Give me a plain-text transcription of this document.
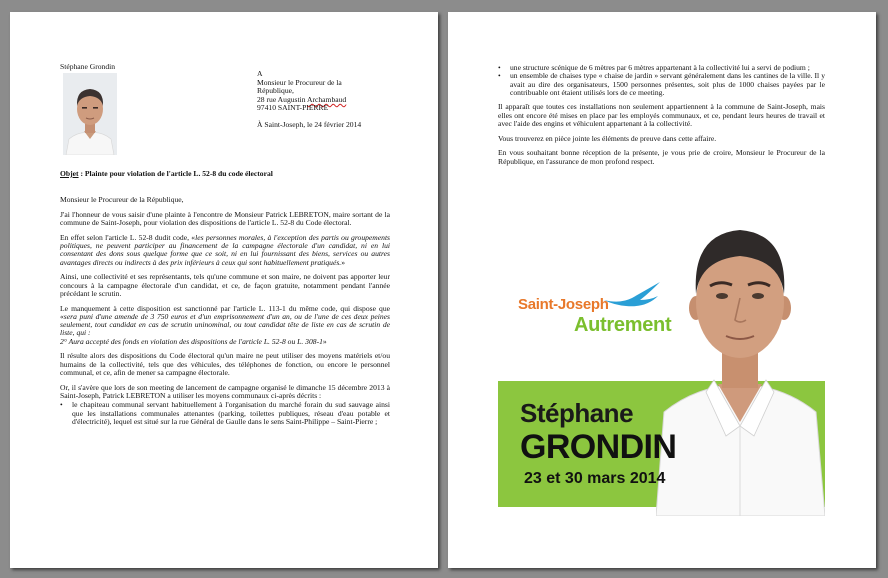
Stéphane Grondin
A
Monsieur le Procureur de la
République,
28 rue Augustin Archambaud
97410 SAINT-PIERRE
À Saint-Joseph, le 24 février 2014
Objet : Plainte pour violation de l'article L. 52-8 du code électoral

Monsieur le Procureur de la République,

J'ai l'honneur de vous saisir d'une plainte à l'encontre de Monsieur Patrick LEBRETON, maire sortant de la commune de Saint-Joseph, pour violation des dispositions de l'article L. 52-8 du Code électoral.

En effet selon l'article L. 52-8 dudit code, «les personnes morales, à l'exception des partis ou groupements politiques, ne peuvent participer au financement de la campagne électorale d'un candidat, ni en lui consentant des dons sous quelque forme que ce soit, ni en lui fournissant des biens, services ou autres avantages directs ou indirects à des prix inférieurs à ceux qui sont habituellement pratiqués.»

Ainsi, une collectivité et ses représentants, tels qu'une commune et son maire, ne doivent pas apporter leur concours à la campagne électorale d'un candidat, et ce, de façon gratuite, notamment pendant l'année précédant le scrutin.

Le manquement à cette disposition est sanctionné par l'article L. 113-1 du même code, qui dispose que «sera puni d'une amende de 3 750 euros et d'un emprisonnement d'un an, ou de l'une de ces deux peines seulement, tout candidat en cas de scrutin uninominal, ou tout candidat tête de liste en cas de scrutin de liste, qui :
2° Aura accepté des fonds en violation des dispositions de l'article L. 52-8 ou L. 308-1»

Il résulte alors des dispositions du Code électoral qu'un maire ne peut utiliser des moyens matériels et/ou humains de la collectivité, tels que des véhicules, des téléphones de fonction, ou encore le personnel communal, et ce, afin de mener sa campagne électorale.

Or, il s'avère que lors de son meeting de lancement de campagne organisé le dimanche 15 décembre 2013 à Saint-Joseph, Patrick LEBRETON a utiliser les moyens communaux ci-après décrits :

•	le chapiteau communal servant habituellement à l'organisation du marché forain du sud sauvage ainsi que les installations communales attenantes (parking, toilettes publiques, réseau d'eau potable et d'électricité), lequel est situé sur la rue Général de Gaulle dans le sens Saint-Philippe – Saint-Pierre ;
•	une structure scénique de 6 mètres par 6 mètres appartenant à la collectivité lui a servi de podium ;
•	un ensemble de chaises type « chaise de jardin » servant généralement dans les cantines de la ville. Il y avait au dire des organisateurs, 1500 personnes présentes, soit plus de 1000 chaises payées par le contribuable ont étaient utilisés lors de ce meeting.

Il apparaît que toutes ces installations non seulement appartiennent à la commune de Saint-Joseph, mais elles ont encore été mises en place par les employés communaux, et ce, pendant leurs heures de travail et avec l'aide des engins et véhiculent appartenant à la collectivité.

Vous trouverez en pièce jointe les éléments de preuve dans cette affaire.

En vous souhaitant bonne réception de la présente, je vous prie de croire, Monsieur le Procureur de la République, en l'assurance de mon profond respect.

Saint-Joseph
Autrement
Stéphane
GRONDIN
23 et 30 mars 2014
